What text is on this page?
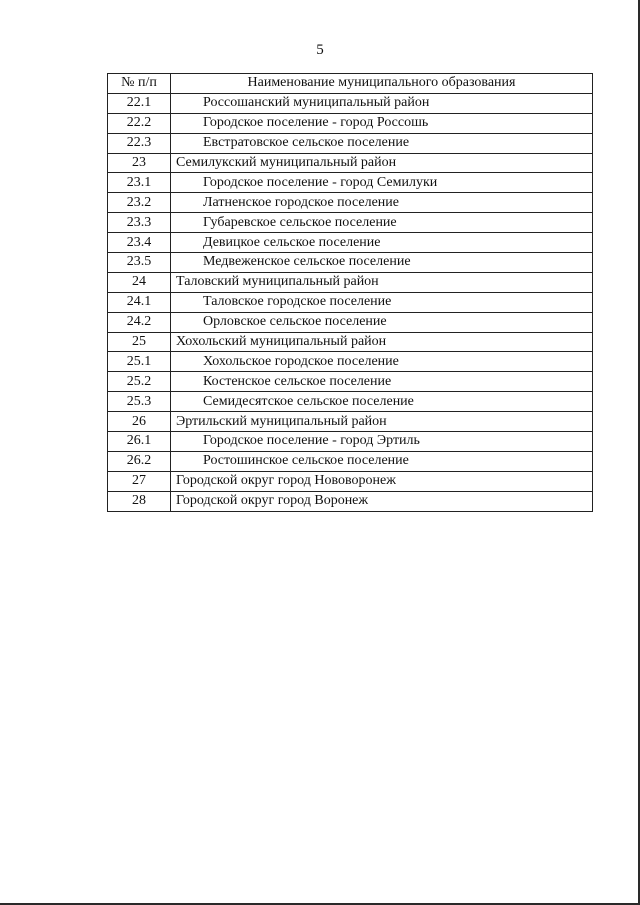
5
№ п/п	Наименование муниципального образования
22.1	Россошанский муниципальный район
22.2	Городское поселение - город Россошь
22.3	Евстратовское сельское поселение
23	Семилукский муниципальный район
23.1	Городское поселение - город Семилуки
23.2	Латненское городское поселение
23.3	Губаревское сельское поселение
23.4	Девицкое сельское поселение
23.5	Медвеженское сельское поселение
24	Таловский муниципальный район
24.1	Таловское городское поселение
24.2	Орловское сельское поселение
25	Хохольский муниципальный район
25.1	Хохольское городское поселение
25.2	Костенское сельское поселение
25.3	Семидесятское сельское поселение
26	Эртильский муниципальный район
26.1	Городское поселение - город Эртиль
26.2	Ростошинское сельское поселение
27	Городской округ город Нововоронеж
28	Городской округ город Воронеж
